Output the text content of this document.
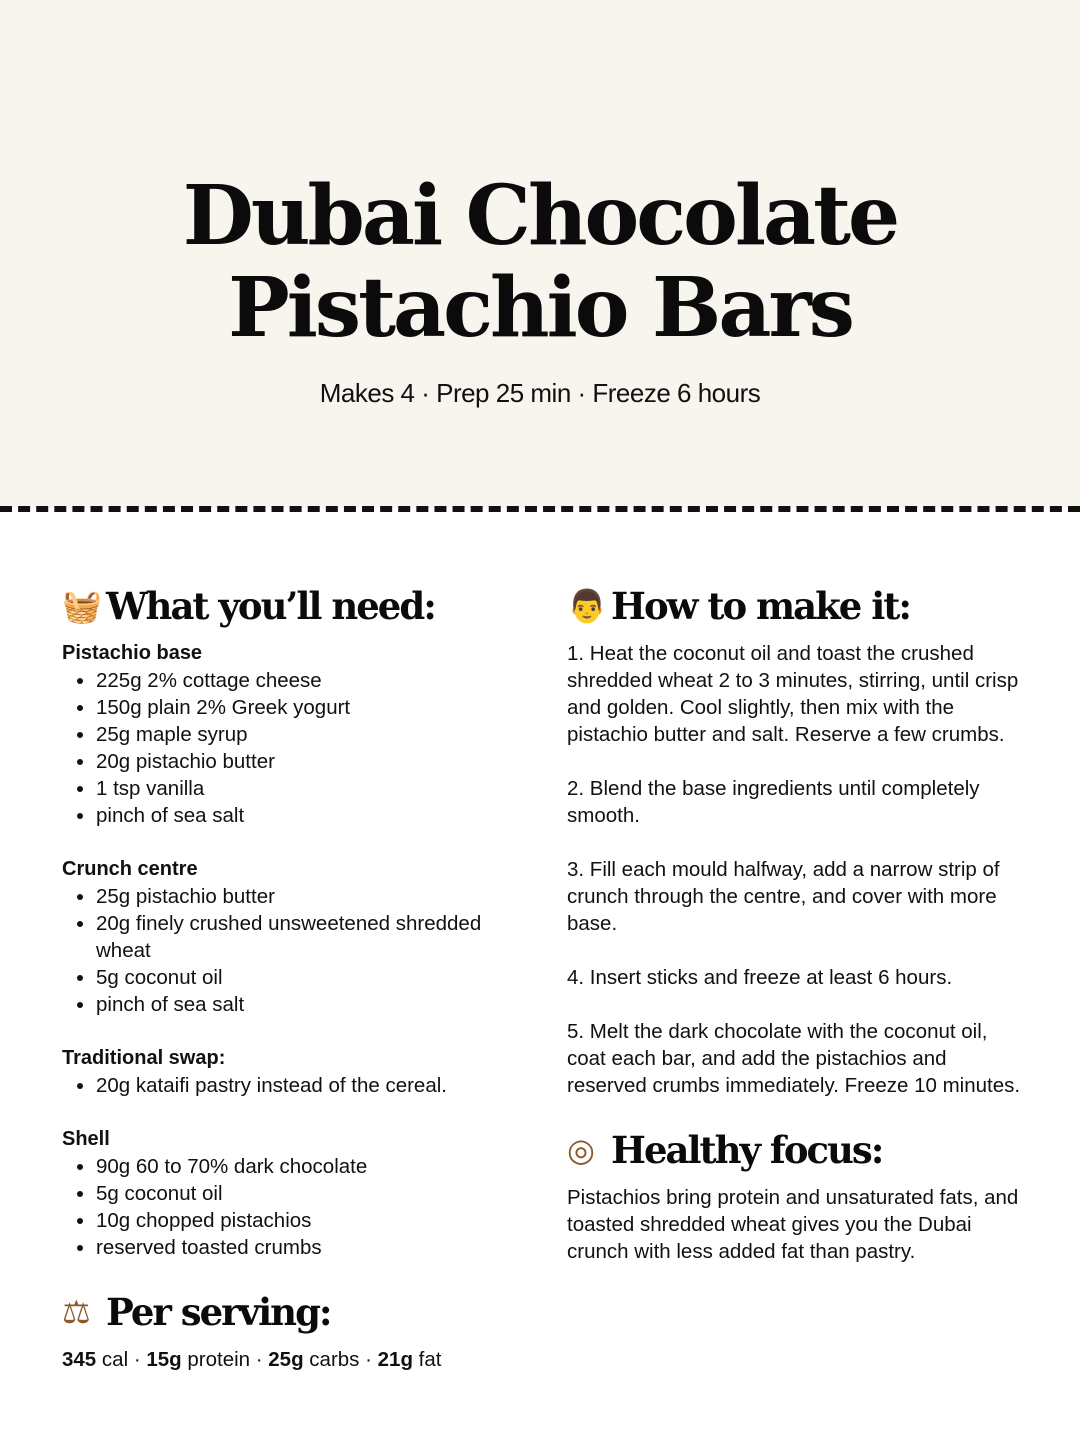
Dubai Chocolate
Pistachio Bars
Makes 4 · Prep 25 min · Freeze 6 hours
🧺 What you’ll need:

Pistachio base

• 225g 2% cottage cheese
• 150g plain 2% Greek yogurt
• 25g maple syrup
• 20g pistachio butter
• 1 tsp vanilla
• pinch of sea salt

Crunch centre

• 25g pistachio butter
• 20g finely crushed unsweetened shredded wheat
• 5g coconut oil
• pinch of sea salt

Traditional swap:

• 20g kataifi pastry instead of the cereal.

Shell

• 90g 60 to 70% dark chocolate
• 5g coconut oil
• 10g chopped pistachios
• reserved toasted crumbs
⚖ Per serving:

345 cal · 15g protein · 25g carbs · 21g fat

👨 How to make it:

1. Heat the coconut oil and toast the crushed shredded wheat 2 to 3 minutes, stirring, until crisp and golden. Cool slightly, then mix with the pistachio butter and salt. Reserve a few crumbs.

2. Blend the base ingredients until completely smooth.

3. Fill each mould halfway, add a narrow strip of crunch through the centre, and cover with more base.

4. Insert sticks and freeze at least 6 hours.

5. Melt the dark chocolate with the coconut oil, coat each bar, and add the pistachios and reserved crumbs immediately. Freeze 10 minutes.

◎ Healthy focus:

Pistachios bring protein and unsaturated fats, and toasted shredded wheat gives you the Dubai crunch with less added fat than pastry.
